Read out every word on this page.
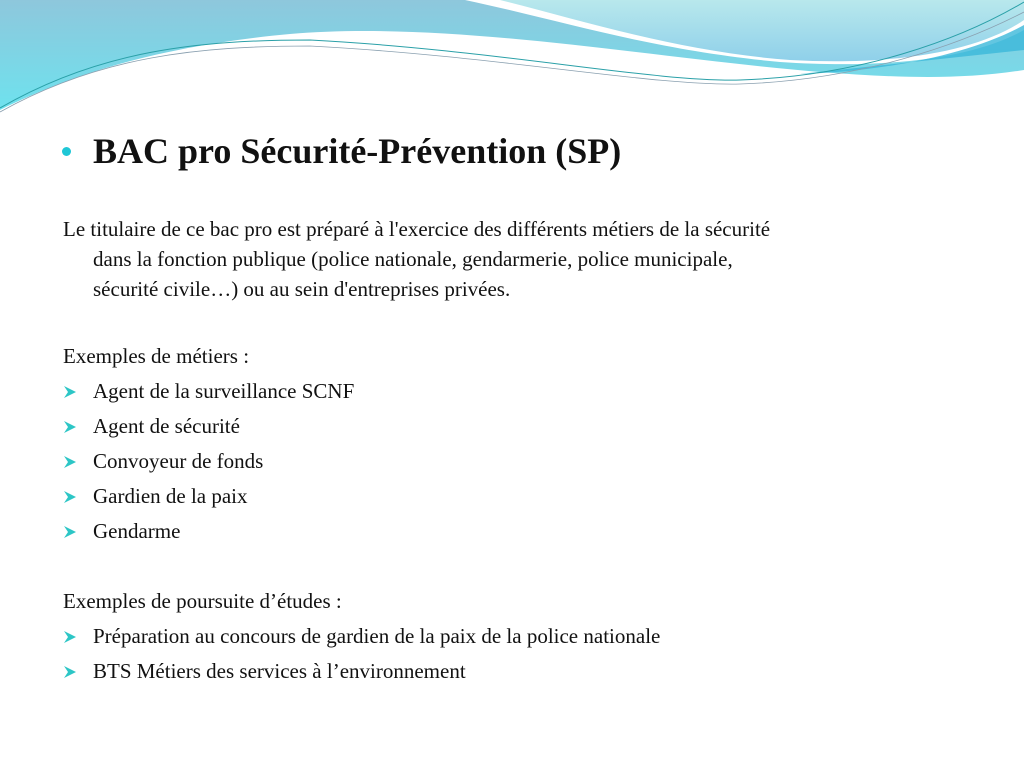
BAC pro Sécurité-Prévention (SP)
Le titulaire de ce bac pro est préparé à l'exercice des différents métiers de la sécurité
dans la fonction publique (police nationale, gendarmerie, police municipale,
sécurité civile…) ou au sein d'entreprises privées.
Exemples de métiers :
Agent de la surveillance SCNF
Agent de sécurité
Convoyeur de fonds
Gardien de la paix
Gendarme
Exemples de poursuite d’études :
Préparation au concours de gardien de la paix de la police nationale
BTS Métiers des services à l’environnement
